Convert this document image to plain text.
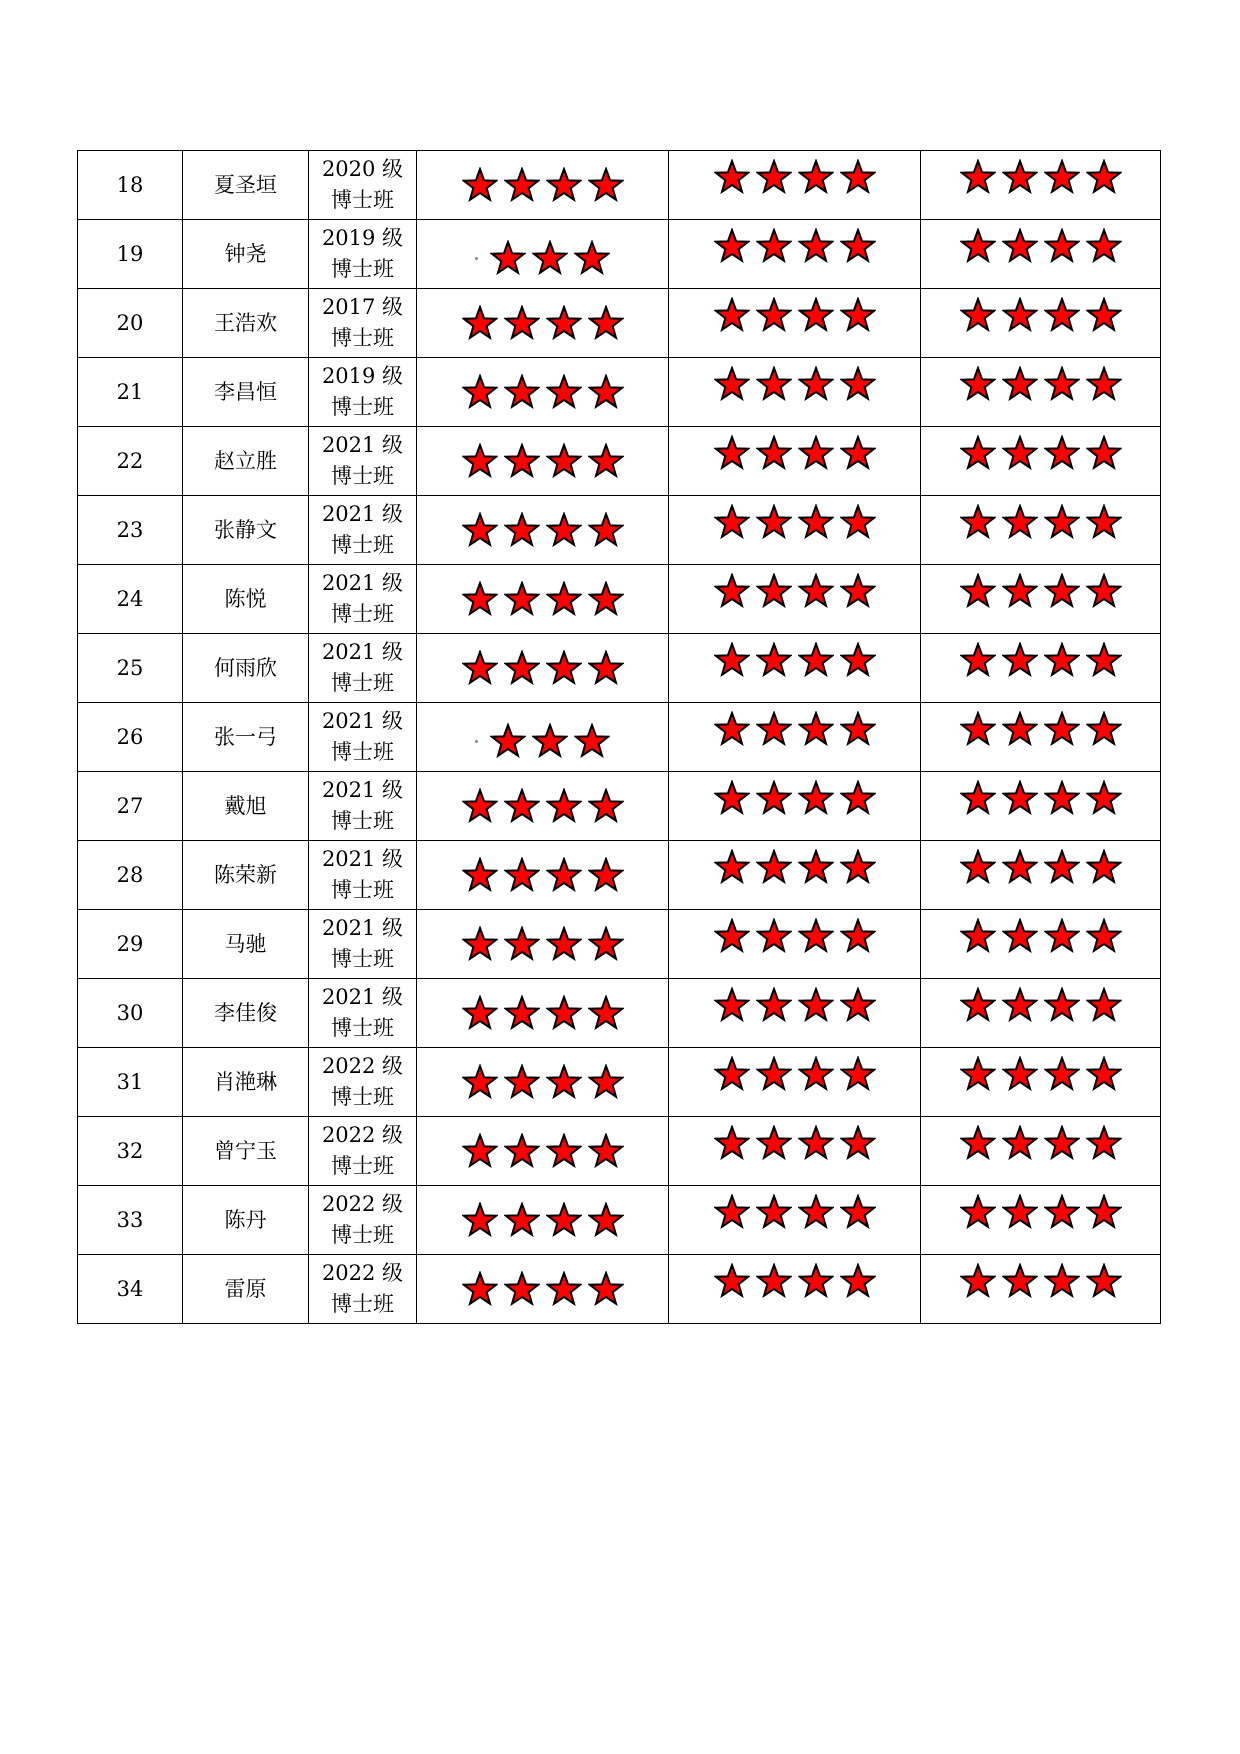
18	夏圣垣	2020 级
博士班

19	钟尧	2019 级
博士班

20	王浩欢	2017 级
博士班

21	李昌恒	2019 级
博士班

22	赵立胜	2021 级
博士班

23	张静文	2021 级
博士班

24	陈悦	2021 级
博士班

25	何雨欣	2021 级
博士班

26	张一弓	2021 级
博士班

27	戴旭	2021 级
博士班

28	陈荣新	2021 级
博士班

29	马驰	2021 级
博士班

30	李佳俊	2021 级
博士班

31	肖滟琳	2022 级
博士班

32	曾宁玉	2022 级
博士班

33	陈丹	2022 级
博士班

34	雷原	2022 级
博士班
